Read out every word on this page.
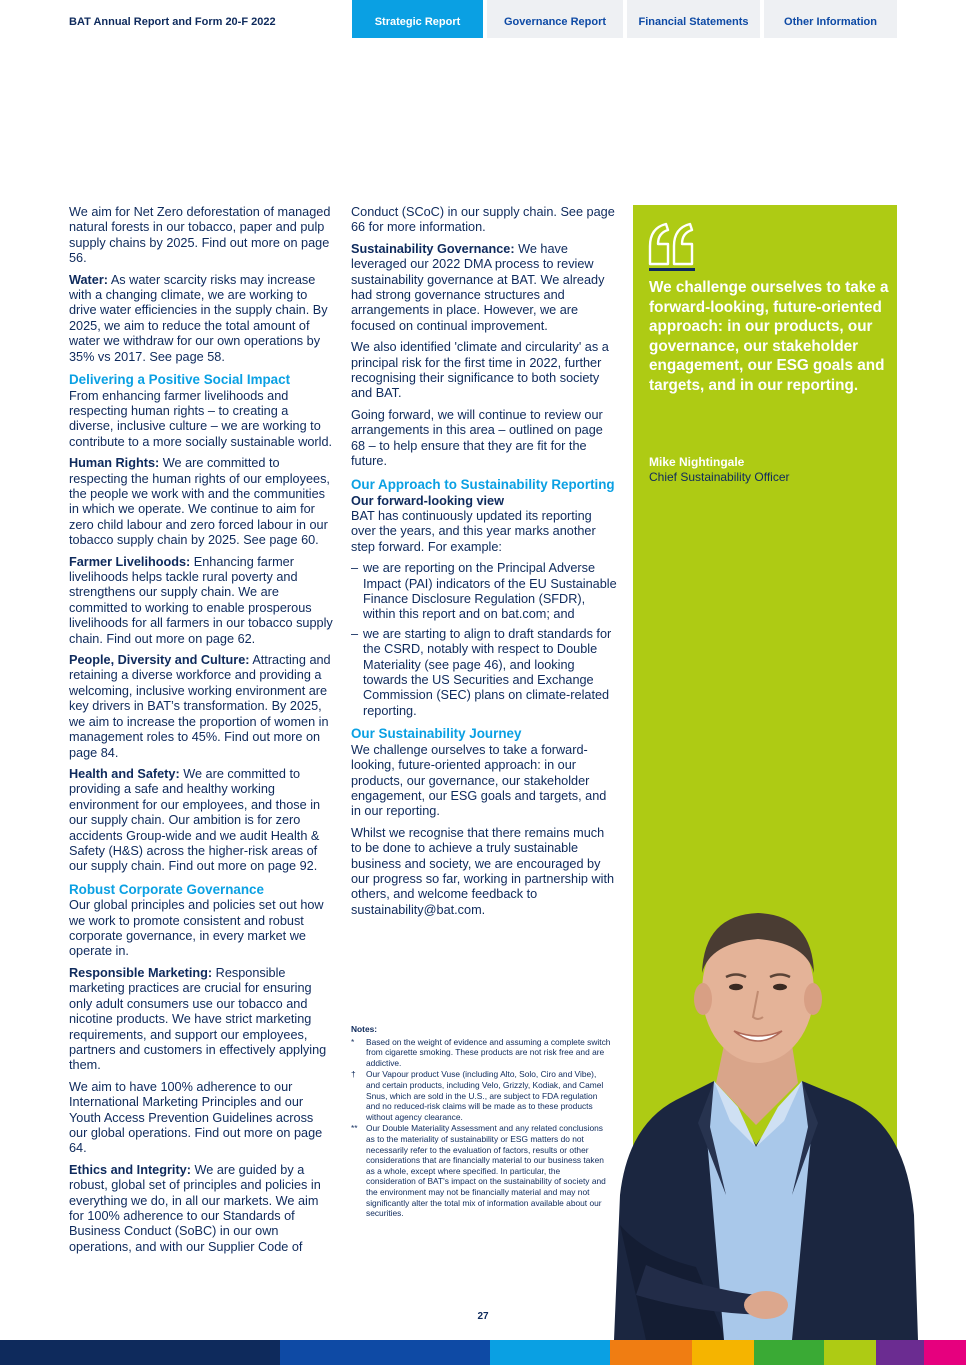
BAT Annual Report and Form 20-F 2022	Strategic Report	Governance Report	Financial Statements	Other Information

We aim for Net Zero deforestation of managed natural forests in our tobacco, paper and pulp supply chains by 2025. Find out more on page 56.

Water: As water scarcity risks may increase with a changing climate, we are working to drive water efficiencies in the supply chain. By 2025, we aim to reduce the total amount of water we withdraw for our own operations by 35% vs 2017. See page 58.

Delivering a Positive Social Impact

From enhancing farmer livelihoods and respecting human rights – to creating a diverse, inclusive culture – we are working to contribute to a more socially sustainable world.

Human Rights: We are committed to respecting the human rights of our employees, the people we work with and the communities in which we operate. We continue to aim for zero child labour and zero forced labour in our tobacco supply chain by 2025. See page 60.

Farmer Livelihoods: Enhancing farmer livelihoods helps tackle rural poverty and strengthens our supply chain. We are committed to working to enable prosperous livelihoods for all farmers in our tobacco supply chain. Find out more on page 62.

People, Diversity and Culture: Attracting and retaining a diverse workforce and providing a welcoming, inclusive working environment are key drivers in BAT’s transformation. By 2025, we aim to increase the proportion of women in management roles to 45%. Find out more on page 84.

Health and Safety: We are committed to providing a safe and healthy working environment for our employees, and those in our supply chain. Our ambition is for zero accidents Group-wide and we audit Health & Safety (H&S) across the higher-risk areas of our supply chain. Find out more on page 92.

Robust Corporate Governance

Our global principles and policies set out how we work to promote consistent and robust corporate governance, in every market we operate in.

Responsible Marketing: Responsible marketing practices are crucial for ensuring only adult consumers use our tobacco and nicotine products. We have strict marketing requirements, and support our employees, partners and customers in effectively applying them.

We aim to have 100% adherence to our International Marketing Principles and our Youth Access Prevention Guidelines across our global operations. Find out more on page 64.

Ethics and Integrity: We are guided by a robust, global set of principles and policies in everything we do, in all our markets. We aim for 100% adherence to our Standards of Business Conduct (SoBC) in our own operations, and with our Supplier Code of

Conduct (SCoC) in our supply chain. See page 66 for more information.

Sustainability Governance: We have leveraged our 2022 DMA process to review sustainability governance at BAT. We already had strong governance structures and arrangements in place. However, we are focused on continual improvement.

We also identified 'climate and circularity' as a principal risk for the first time in 2022, further recognising their significance to both society and BAT.

Going forward, we will continue to review our arrangements in this area – outlined on page 68 – to help ensure that they are fit for the future.

Our Approach to Sustainability Reporting
Our forward-looking view

BAT has continuously updated its reporting over the years, and this year marks another step forward. For example:

– we are reporting on the Principal Adverse Impact (PAI) indicators of the EU Sustainable Finance Disclosure Regulation (SFDR), within this report and on bat.com; and
– we are starting to align to draft standards for the CSRD, notably with respect to Double Materiality (see page 46), and looking towards the US Securities and Exchange Commission (SEC) plans on climate-related reporting.
Our Sustainability Journey

We challenge ourselves to take a forward-looking, future-oriented approach: in our products, our governance, our stakeholder engagement, our ESG goals and targets, and in our reporting.

Whilst we recognise that there remains much to be done to achieve a truly sustainable business and society, we are encouraged by our progress so far, working in partnership with others, and welcome feedback to sustainability@bat.com.

Notes:
* Based on the weight of evidence and assuming a complete switch from cigarette smoking. These products are not risk free and are addictive.
† Our Vapour product Vuse (including Alto, Solo, Ciro and Vibe), and certain products, including Velo, Grizzly, Kodiak, and Camel Snus, which are sold in the U.S., are subject to FDA regulation and no reduced-risk claims will be made as to these products without agency clearance.
** Our Double Materiality Assessment and any related conclusions as to the materiality of sustainability or ESG matters do not necessarily refer to the evaluation of factors, results or other considerations that are financially material to our business taken as a whole, except where specified. In particular, the consideration of BAT's impact on the sustainability of society and the environment may not be financially material and may not significantly alter the total mix of information available about our securities.
We challenge ourselves to take a forward-looking, future-oriented approach: in our products, our governance, our stakeholder engagement, our ESG goals and targets, and in our reporting.
Mike Nightingale
Chief Sustainability Officer
27
